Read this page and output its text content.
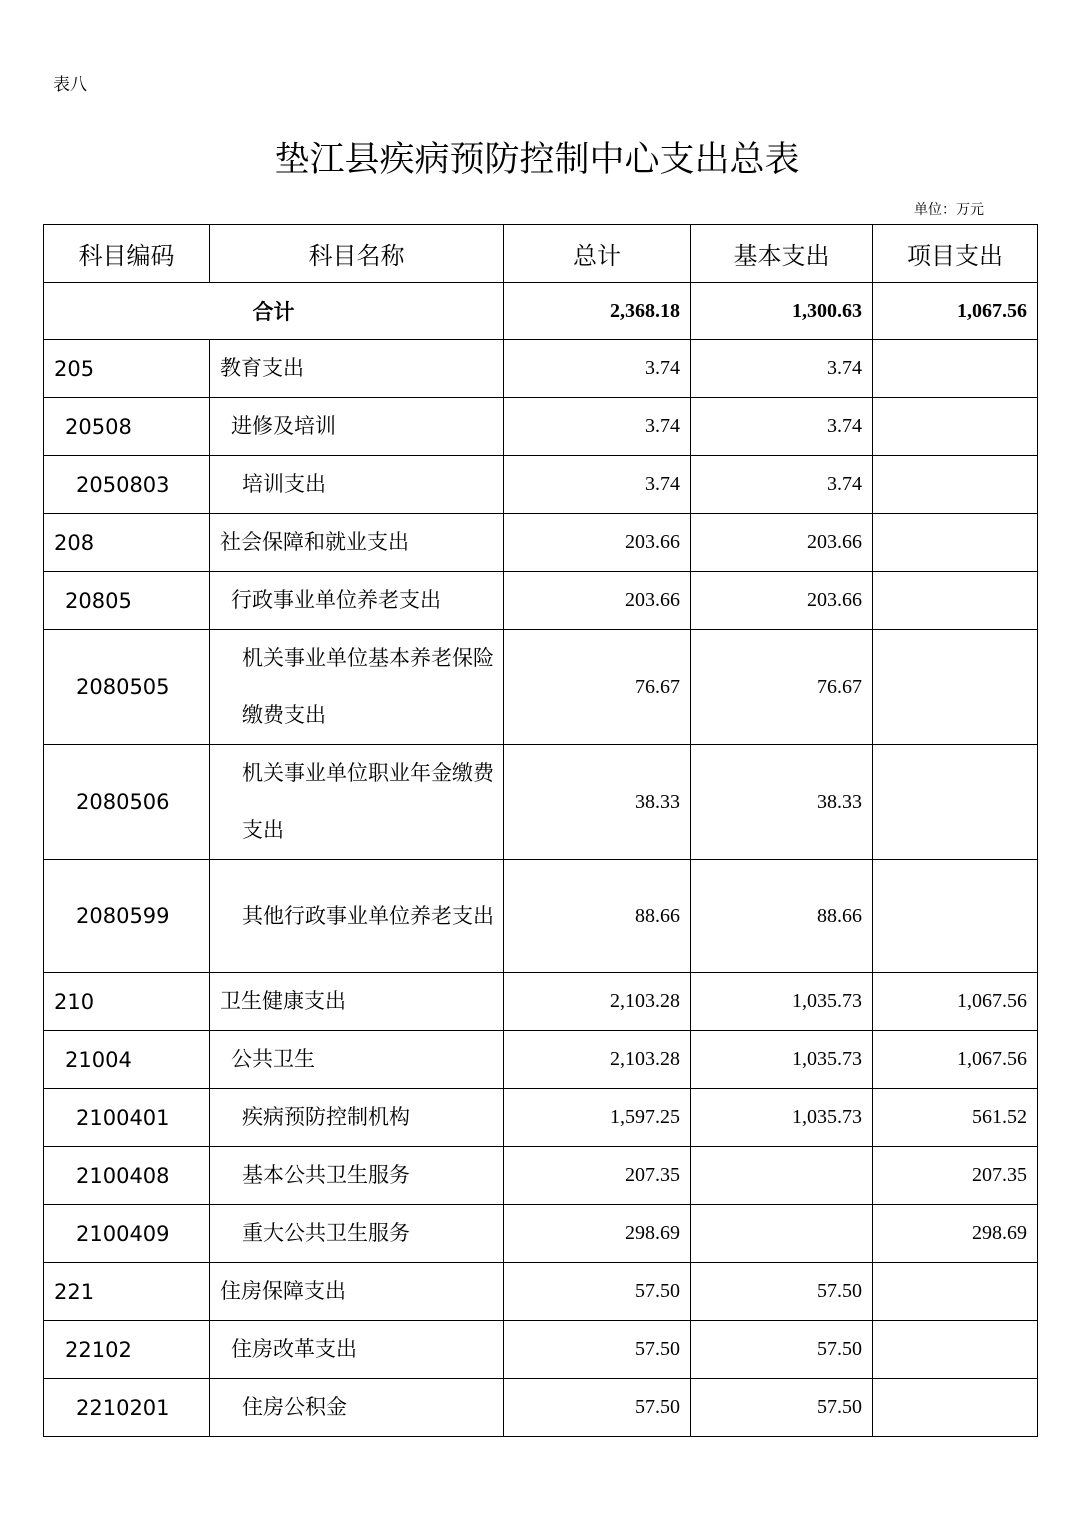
表八
垫江县疾病预防控制中心支出总表
单位：万元
科目编码	科目名称	总计	基本支出	项目支出
合计		2,368.18	1,300.63	1,067.56
205	教育支出	3.74	3.74	
20508	进修及培训	3.74	3.74	
2050803	培训支出	3.74	3.74	
208	社会保障和就业支出	203.66	203.66	
20805	行政事业单位养老支出	203.66	203.66	
2080505	机关事业单位基本养老保险缴费支出	76.67	76.67	
2080506	机关事业单位职业年金缴费支出	38.33	38.33	
2080599	其他行政事业单位养老支出	88.66	88.66	
210	卫生健康支出	2,103.28	1,035.73	1,067.56
21004	公共卫生	2,103.28	1,035.73	1,067.56
2100401	疾病预防控制机构	1,597.25	1,035.73	561.52
2100408	基本公共卫生服务	207.35		207.35
2100409	重大公共卫生服务	298.69		298.69
221	住房保障支出	57.50	57.50	
22102	住房改革支出	57.50	57.50	
2210201	住房公积金	57.50	57.50	
